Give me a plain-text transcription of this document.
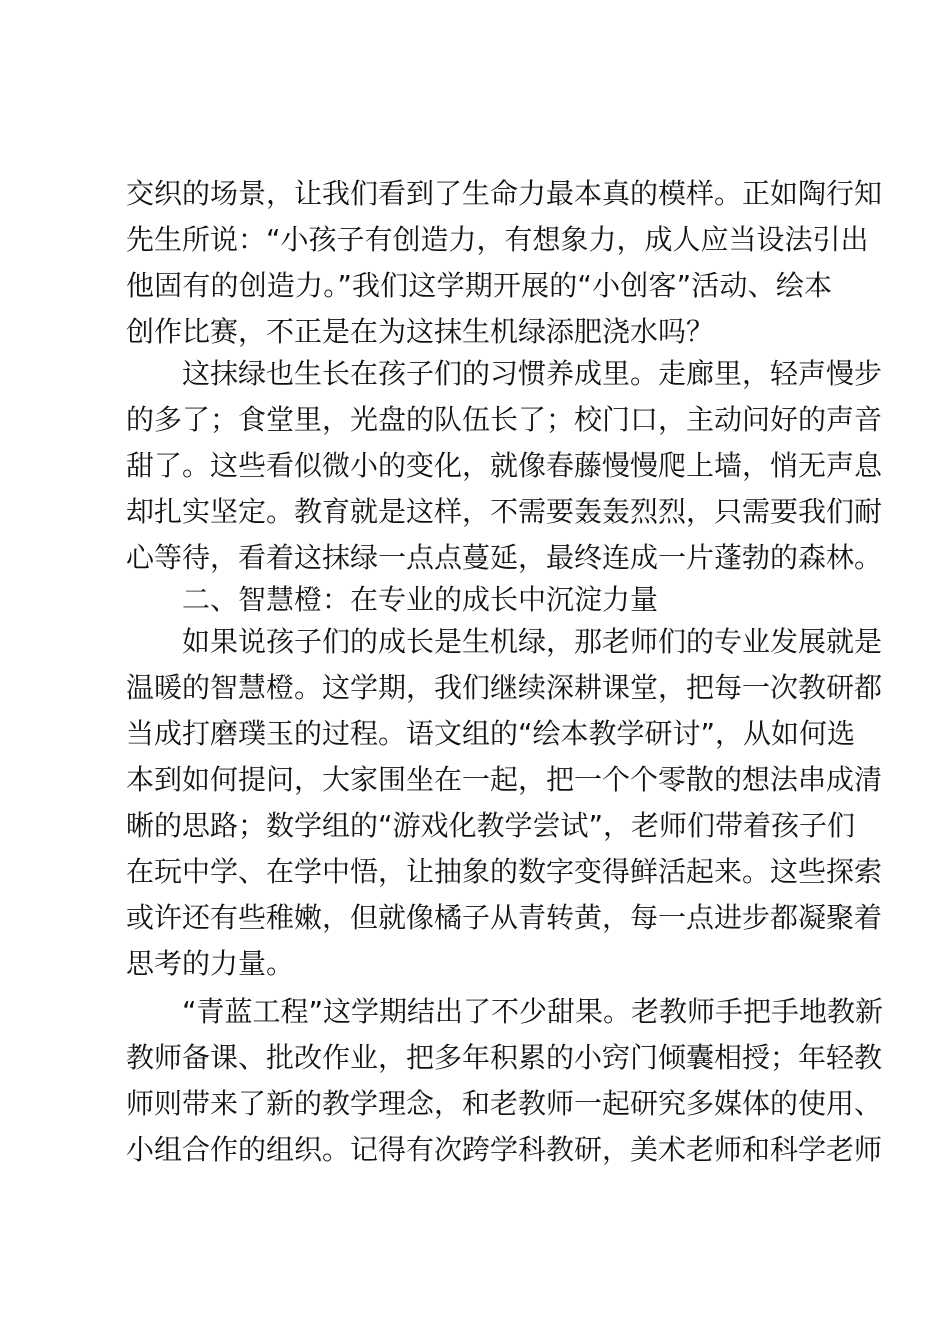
交织的场景，让我们看到了生命力最本真的模样。正如陶行知
先生所说：“小孩子有创造力，有想象力，成人应当设法引出
他固有的创造力。”我们这学期开展的“小创客”活动、绘本
创作比赛，不正是在为这抹生机绿添肥浇水吗？
这抹绿也生长在孩子们的习惯养成里。走廊里，轻声慢步
的多了；食堂里，光盘的队伍长了；校门口，主动问好的声音
甜了。这些看似微小的变化，就像春藤慢慢爬上墙，悄无声息
却扎实坚定。教育就是这样，不需要轰轰烈烈，只需要我们耐
心等待，看着这抹绿一点点蔓延，最终连成一片蓬勃的森林。
二、智慧橙：在专业的成长中沉淀力量
如果说孩子们的成长是生机绿，那老师们的专业发展就是
温暖的智慧橙。这学期，我们继续深耕课堂，把每一次教研都
当成打磨璞玉的过程。语文组的“绘本教学研讨”，从如何选
本到如何提问，大家围坐在一起，把一个个零散的想法串成清
晰的思路；数学组的“游戏化教学尝试”，老师们带着孩子们
在玩中学、在学中悟，让抽象的数字变得鲜活起来。这些探索
或许还有些稚嫩，但就像橘子从青转黄，每一点进步都凝聚着
思考的力量。
“青蓝工程”这学期结出了不少甜果。老教师手把手地教新
教师备课、批改作业，把多年积累的小窍门倾囊相授；年轻教
师则带来了新的教学理念，和老教师一起研究多媒体的使用、
小组合作的组织。记得有次跨学科教研，美术老师和科学老师
